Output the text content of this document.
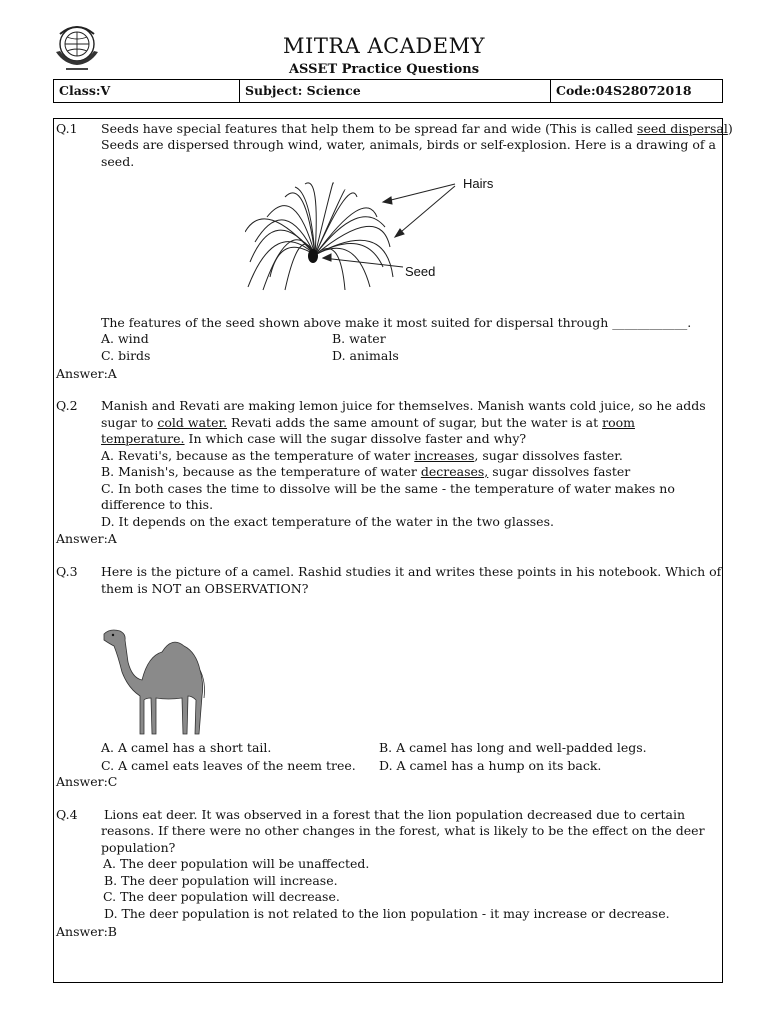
MITRA ACADEMY
ASSET Practice Questions
Class:V	Subject: Science	Code:04S28072018
Q.1 Seeds have special features that help them to be spread far and wide (This is called seed dispersal)
Seeds are dispersed through wind, water, animals, birds or self-explosion. Here is a drawing of a
seed.
Hairs
Seed
The features of the seed shown above make it most suited for dispersal through ____________.
A. wind	B. water
C. birds	D. animals
Answer:A
Q.2 Manish and Revati are making lemon juice for themselves. Manish wants cold juice, so he adds
sugar to cold water. Revati adds the same amount of sugar, but the water is at room
temperature. In which case will the sugar dissolve faster and why?
A. Revati's, because as the temperature of water increases, sugar dissolves faster.
B. Manish's, because as the temperature of water decreases, sugar dissolves faster
C. In both cases the time to dissolve will be the same - the temperature of water makes no
difference to this.
D. It depends on the exact temperature of the water in the two glasses.
Answer:A
Q.3 Here is the picture of a camel. Rashid studies it and writes these points in his notebook. Which of
them is NOT an OBSERVATION?
A. A camel has a short tail.	B. A camel has long and well-padded legs.
C. A camel eats leaves of the neem tree. D. A camel has a hump on its back.
Answer:C
Q.4 Lions eat deer. It was observed in a forest that the lion population decreased due to certain
reasons. If there were no other changes in the forest, what is likely to be the effect on the deer
population?
A. The deer population will be unaffected.
B. The deer population will increase.
C. The deer population will decrease.
D. The deer population is not related to the lion population - it may increase or decrease.
Answer:B
